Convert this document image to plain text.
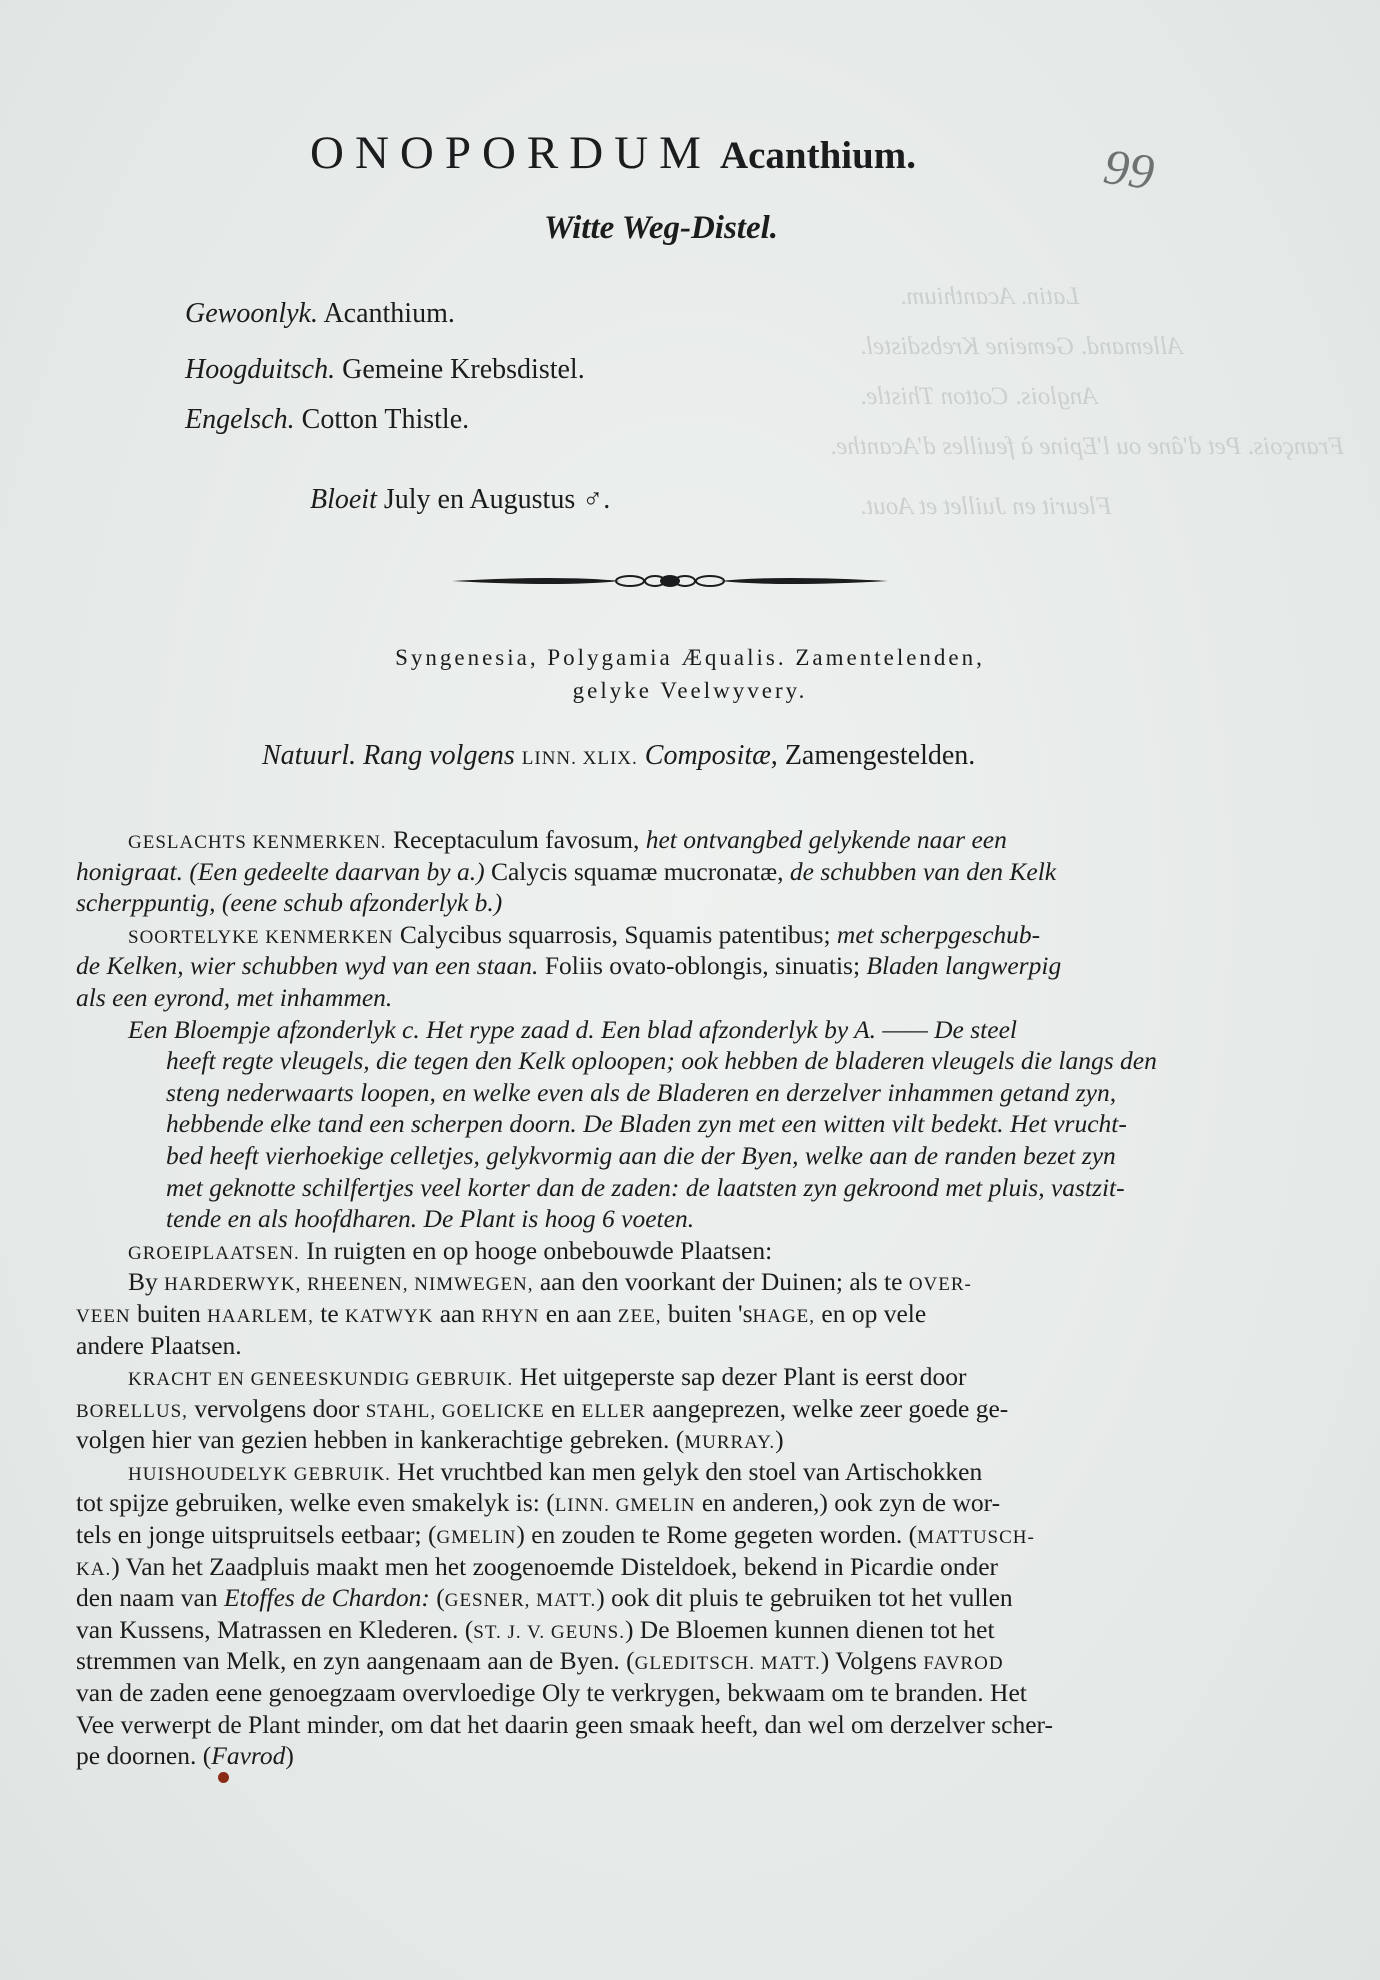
Latin. Acanthium.
Allemand. Gemeine Krebsdistel.
Anglois. Cotton Thistle.
François. Pet d'âne ou l'Epine à feuilles d'Acanthe.
Fleurit en Juillet et Aout.
ONOPORDUM Acanthium.	99
Witte Weg-Distel.
Gewoonlyk. Acanthium.
Hoogduitsch. Gemeine Krebsdistel.
Engelsch. Cotton Thistle.
Bloeit July en Augustus ♂.
Syngenesia, Polygamia Æqualis. Zamentelenden,
gelyke Veelwyvery.
Natuurl. Rang volgens LINN. XLIX. Compositæ, Zamengestelden.
GESLACHTS KENMERKEN. Receptaculum favosum, het ontvangbed gelykende naar een
honigraat. (Een gedeelte daarvan by a.) Calycis squamæ mucronatæ, de schubben van den Kelk
scherppuntig, (eene schub afzonderlyk b.)
SOORTELYKE KENMERKEN Calycibus squarrosis, Squamis patentibus; met scherpgeschub-
de Kelken, wier schubben wyd van een staan. Foliis ovato-oblongis, sinuatis; Bladen langwerpig
als een eyrond, met inhammen.
Een Bloempje afzonderlyk c. Het rype zaad d. Een blad afzonderlyk by A. —— De steel
heeft regte vleugels, die tegen den Kelk oploopen; ook hebben de bladeren vleugels die langs den
steng nederwaarts loopen, en welke even als de Bladeren en derzelver inhammen getand zyn,
hebbende elke tand een scherpen doorn. De Bladen zyn met een witten vilt bedekt. Het vrucht-
bed heeft vierhoekige celletjes, gelykvormig aan die der Byen, welke aan de randen bezet zyn
met geknotte schilfertjes veel korter dan de zaden: de laatsten zyn gekroond met pluis, vastzit-
tende en als hoofdharen. De Plant is hoog 6 voeten.
GROEIPLAATSEN. In ruigten en op hooge onbebouwde Plaatsen:
By HARDERWYK, RHEENEN, NIMWEGEN, aan den voorkant der Duinen; als te OVER-
VEEN buiten HAARLEM, te KATWYK aan RHYN en aan ZEE, buiten 'sHAGE, en op vele
andere Plaatsen.
KRACHT EN GENEESKUNDIG GEBRUIK. Het uitgeperste sap dezer Plant is eerst door
BORELLUS, vervolgens door STAHL, GOELICKE en ELLER aangeprezen, welke zeer goede ge-
volgen hier van gezien hebben in kankerachtige gebreken. (MURRAY.)
HUISHOUDELYK GEBRUIK. Het vruchtbed kan men gelyk den stoel van Artischokken
tot spijze gebruiken, welke even smakelyk is: (LINN. GMELIN en anderen,) ook zyn de wor-
tels en jonge uitspruitsels eetbaar; (GMELIN) en zouden te Rome gegeten worden. (MATTUSCH-
KA.) Van het Zaadpluis maakt men het zoogenoemde Disteldoek, bekend in Picardie onder
den naam van Etoffes de Chardon: (GESNER, MATT.) ook dit pluis te gebruiken tot het vullen
van Kussens, Matrassen en Klederen. (ST. J. V. GEUNS.) De Bloemen kunnen dienen tot het
stremmen van Melk, en zyn aangenaam aan de Byen. (GLEDITSCH. MATT.) Volgens FAVROD
van de zaden eene genoegzaam overvloedige Oly te verkrygen, bekwaam om te branden. Het
Vee verwerpt de Plant minder, om dat het daarin geen smaak heeft, dan wel om derzelver scher-
pe doornen. (Favrod)
